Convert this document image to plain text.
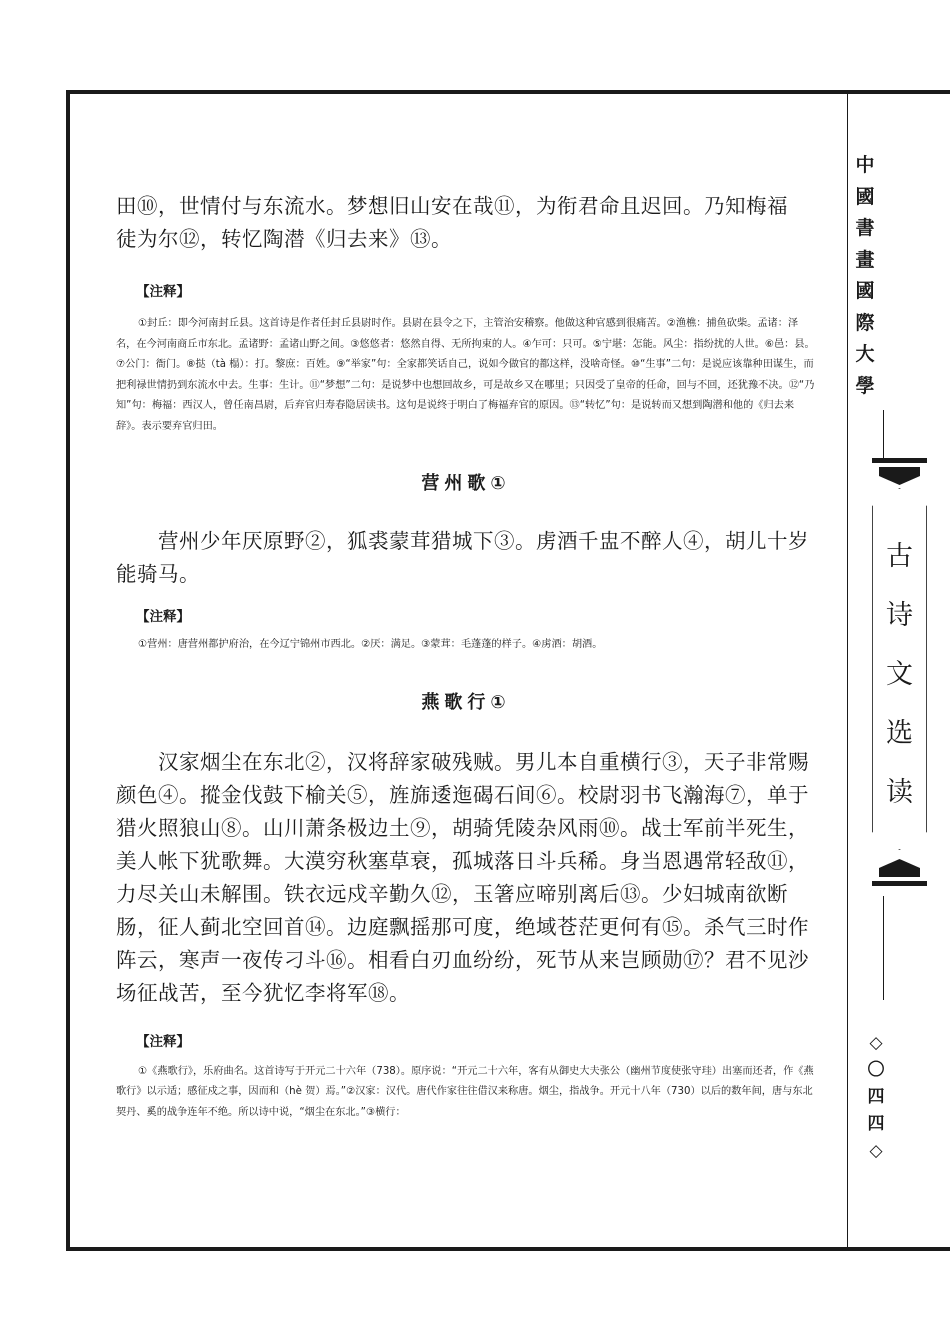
田⑩，世情付与东流水。梦想旧山安在哉⑪，为衔君命且迟回。乃知梅福

徒为尔⑫，转忆陶潜《归去来》⑬。

【注释】

①封丘：即今河南封丘县。这首诗是作者任封丘县尉时作。县尉在县令之下，主管治安稽察。他做这种官感到很痛苦。②渔樵：捕鱼砍柴。孟诸：泽名，在今河南商丘市东北。孟诸野：孟诸山野之间。③悠悠者：悠然自得、无所拘束的人。④乍可：只可。⑤宁堪：怎能。风尘：指纷扰的人世。⑥邑：县。⑦公门：衙门。⑧挞（tà 榻）：打。黎庶：百姓。⑨“举家”句：全家都笑话自己，说如今做官的都这样，没啥奇怪。⑩“生事”二句：是说应该靠种田谋生，而把利禄世情扔到东流水中去。生事：生计。⑪“梦想”二句：是说梦中也想回故乡，可是故乡又在哪里；只因受了皇帝的任命，回与不回，还犹豫不决。⑫“乃知”句：梅福：西汉人，曾任南昌尉，后弃官归寿春隐居读书。这句是说终于明白了梅福弃官的原因。⑬“转忆”句：是说转而又想到陶潜和他的《归去来辞》。表示要弃官归田。

营州歌①

营州少年厌原野②，狐裘蒙茸猎城下③。虏酒千盅不醉人④，胡儿十岁能骑马。

【注释】

①营州：唐营州都护府治，在今辽宁锦州市西北。②厌：满足。③蒙茸：毛蓬蓬的样子。④虏酒：胡酒。

燕歌行①

汉家烟尘在东北②，汉将辞家破残贼。男儿本自重横行③，天子非常赐颜色④。摐金伐鼓下榆关⑤，旌旆逶迤碣石间⑥。校尉羽书飞瀚海⑦，单于猎火照狼山⑧。山川萧条极边土⑨，胡骑凭陵杂风雨⑩。战士军前半死生，美人帐下犹歌舞。大漠穷秋塞草衰，孤城落日斗兵稀。身当恩遇常轻敌⑪，力尽关山未解围。铁衣远戍辛勤久⑫，玉箸应啼别离后⑬。少妇城南欲断肠，征人蓟北空回首⑭。边庭飘摇那可度，绝域苍茫更何有⑮。杀气三时作阵云，寒声一夜传刁斗⑯。相看白刃血纷纷，死节从来岂顾勋⑰？君不见沙场征战苦，至今犹忆李将军⑱。

【注释】

①《燕歌行》，乐府曲名。这首诗写于开元二十六年（738）。原序说：“开元二十六年，客有从御史大夫张公（幽州节度使张守珪）出塞而还者，作《燕歌行》以示适；感征戍之事，因而和（hè 贺）焉。”②汉家：汉代。唐代作家往往借汉来称唐。烟尘，指战争。开元十八年（730）以后的数年间，唐与东北契丹、奚的战争连年不绝。所以诗中说，“烟尘在东北。”③横行：

中
國
書
畫
國
際
大
學
古
诗
文
选
读
◇
〇
四
四
◇
